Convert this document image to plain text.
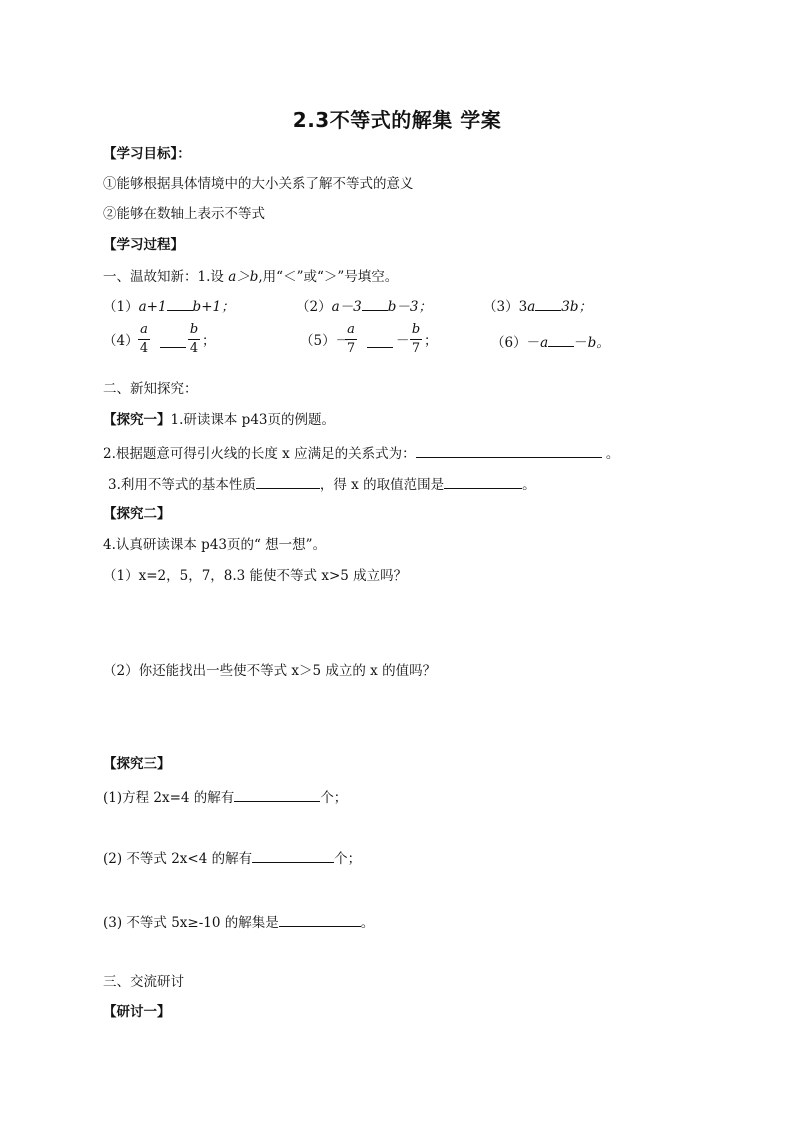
2.3不等式的解集 学案
【学习目标】：
①能够根据具体情境中的大小关系了解不等式的意义
②能够在数轴上表示不等式
【学习过程】
一、温故知新：1.设 a＞b,用“＜”或“＞”号填空。
（1）a+1 b+1；	（2）a－3 b－3；	（3）3a 3b；
（4）
a
4
b
4 ；	（5）－
a
7	－
b
7 ；	（6）－a －b。
二、新知探究：
【探究一】1.研读课本 p43页的例题。
2.根据题意可得引火线的长度 x 应满足的关系式为：	。
3.利用不等式的基本性质	，得 x 的取值范围是	。
【探究二】
4.认真研读课本 p43页的“ 想一想”。
（1）x=2，5，7，8.3 能使不等式 x>5 成立吗？
（2）你还能找出一些使不等式 x＞5 成立的 x 的值吗？
【探究三】
(1)方程 2x=4 的解有	个；
(2) 不等式 2x<4 的解有	个；
(3) 不等式 5x≥-10 的解集是	。
三、交流研讨
【研讨一】
